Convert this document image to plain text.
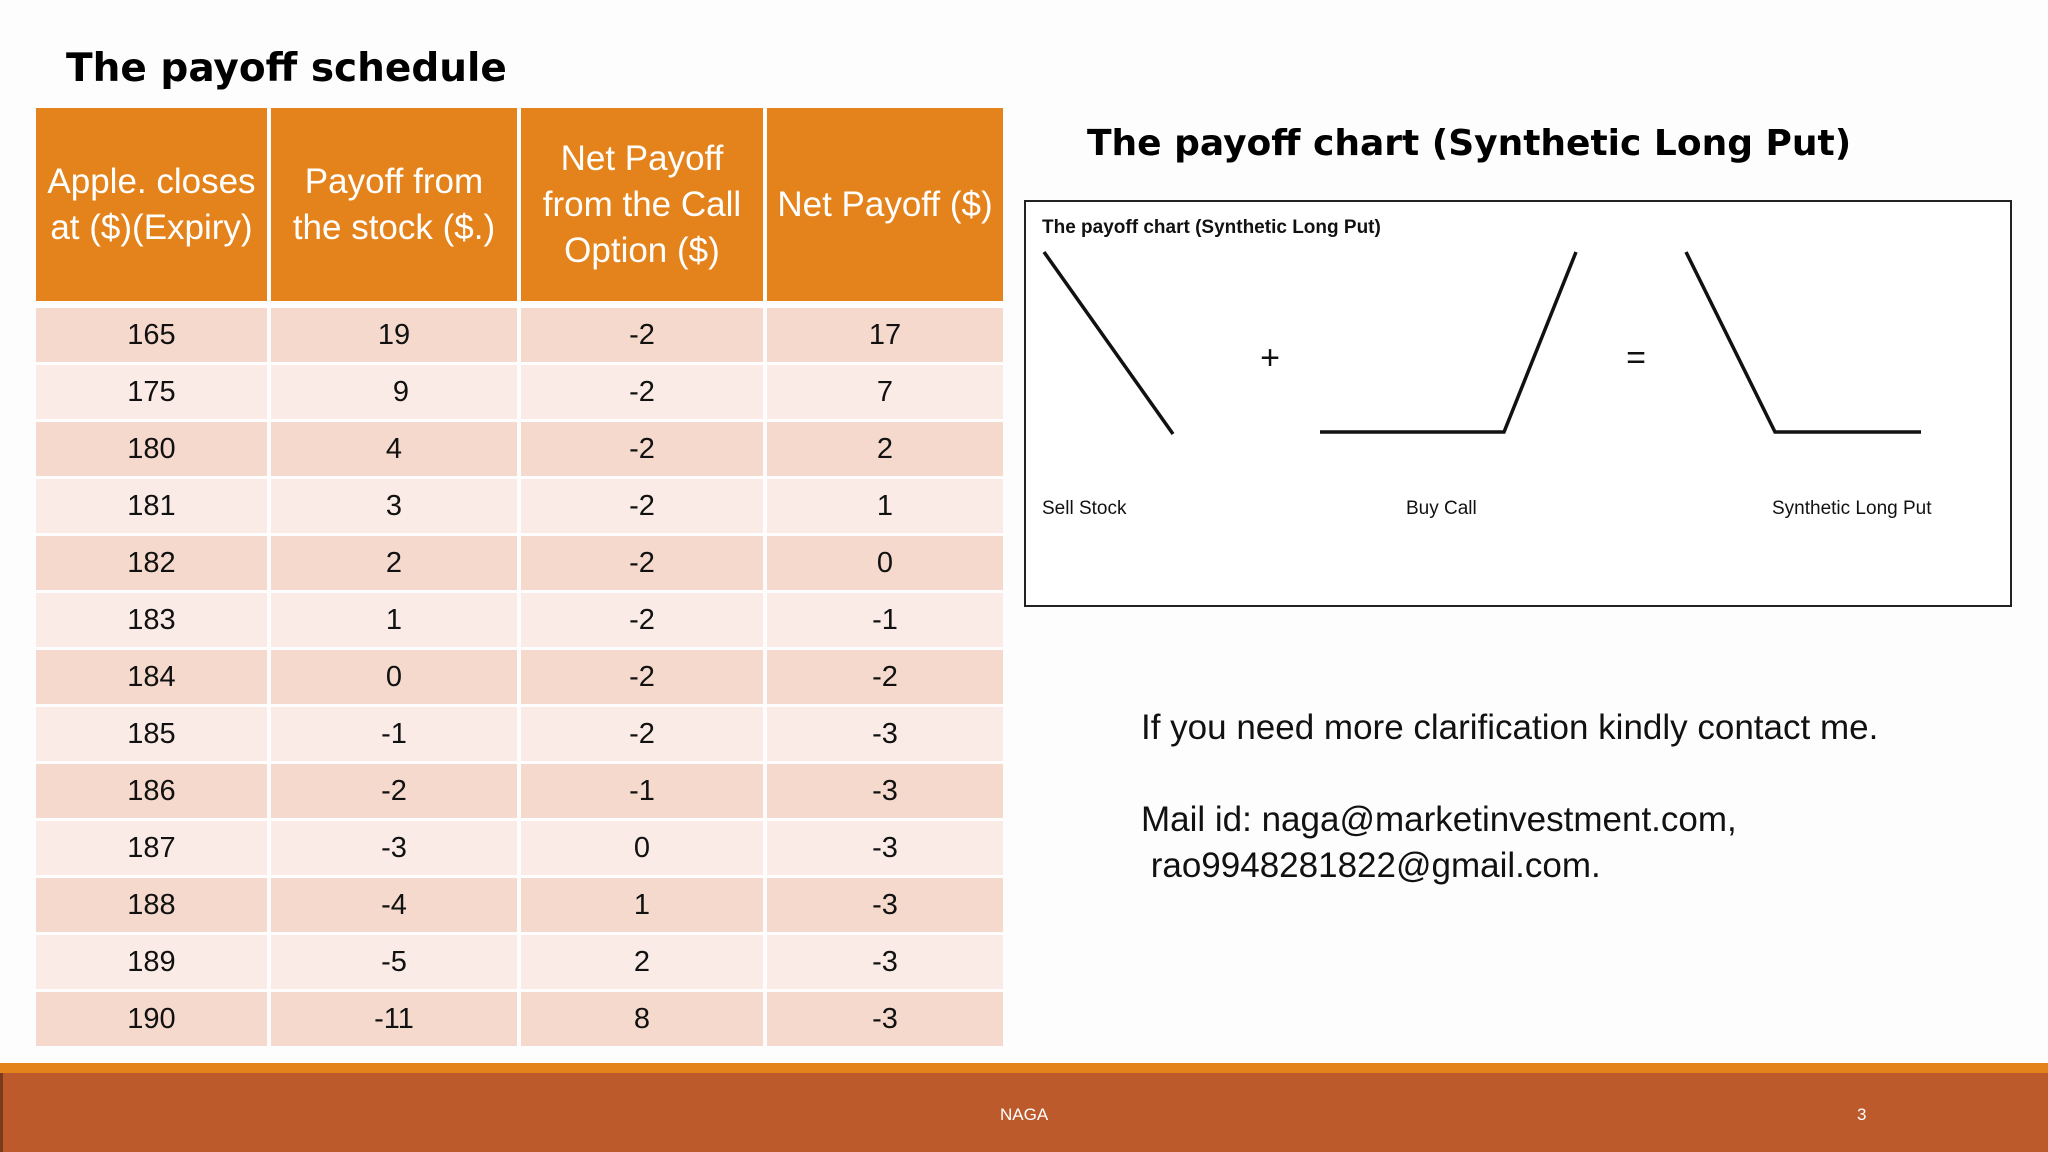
The payoff schedule
Apple. closes at ($)(Expiry)	Payoff from the stock ($.)	Net Payoff from the Call Option ($)	Net Payoff ($)
165	19	-2	17
175	9	-2	7
180	4	-2	2
181	3	-2	1
182	2	-2	0
183	1	-2	-1
184	0	-2	-2
185	-1	-2	-3
186	-2	-1	-3
187	-3	0	-3
188	-4	1	-3
189	-5	2	-3
190	-11	8	-3
The payoff chart (Synthetic Long Put)
The payoff chart (Synthetic Long Put)
+	=
Sell Stock	Buy Call	Synthetic Long Put

If you need more clarification kindly contact me.

Mail id: naga@marketinvestment.com,

rao9948281822@gmail.com.

NAGA	3
